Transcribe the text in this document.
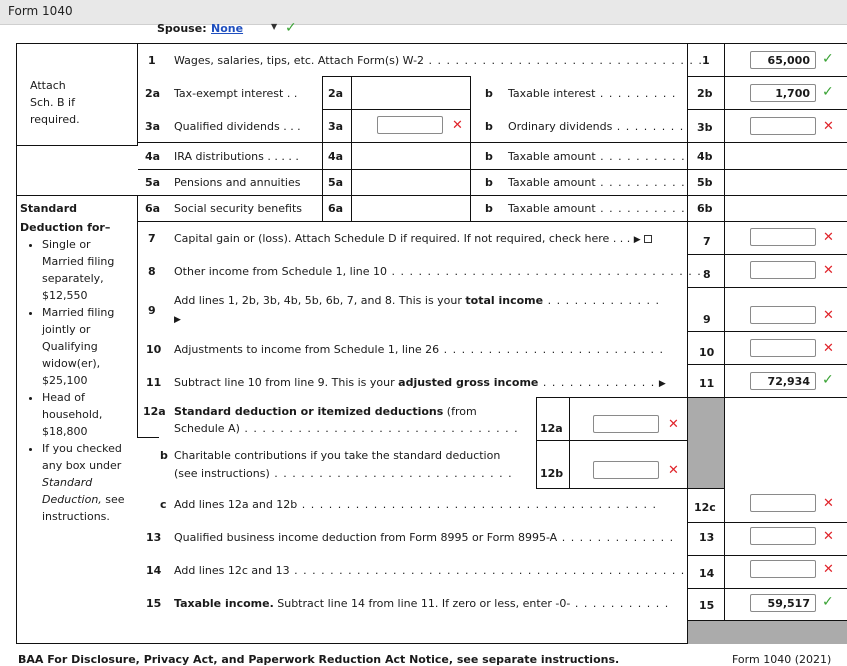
Form 1040
Spouse: None	▼ ✓
Attach
Sch. B if
required.
Standard
Deduction for–
• Single or Married filing separately, $12,550
• Married filing jointly or Qualifying widow(er), $25,100
• Head of household, $18,800
• If you checked any box under Standard Deduction, see instructions.
1 Wages, salaries, tips, etc. Attach Form(s) W-2 . . . . . . . . . . . . . . . . . . . . . . . . . . . . . . . 1	65,000 ✓
2a Tax-exempt interest . .	2a	b Taxable interest . . . . . . . . . 2b	1,700 ✓
3a Qualified dividends . . . 3a	✕ b Ordinary dividends . . . . . . . . 3b	✕
4a IRA distributions . . . . .	4a	b Taxable amount . . . . . . . . . . 4b
5a Pensions and annuities	5a	b Taxable amount . . . . . . . . . . 5b
6a Social security benefits 6a	b Taxable amount . . . . . . . . . . 6b
7 Capital gain or (loss). Attach Schedule D if required. If not required, check here . . . ▶	7	✕
8 Other income from Schedule 1, line 10 . . . . . . . . . . . . . . . . . . . . . . . . . . . . . . . . . . . 8	✕
9
Add lines 1, 2b, 3b, 4b, 5b, 6b, 7, and 8. This is your total income . . . . . . . . . . . . .
▶	9	✕
10 Adjustments to income from Schedule 1, line 26 . . . . . . . . . . . . . . . . . . . . . . . . .	10	✕
11 Subtract line 10 from line 9. This is your adjusted gross income . . . . . . . . . . . . . ▶	11	72,934 ✓
12a Standard deduction or itemized deductions (from
Schedule A) . . . . . . . . . . . . . . . . . . . . . . . . . . . . . . . 12a	✕
b Charitable contributions if you take the standard deduction
(see instructions) . . . . . . . . . . . . . . . . . . . . . . . . . . . 12b	✕
c Add lines 12a and 12b . . . . . . . . . . . . . . . . . . . . . . . . . . . . . . . . . . . . . . . .	12c	✕
13 Qualified business income deduction from Form 8995 or Form 8995-A . . . . . . . . . . . . . 13	✕
14 Add lines 12c and 13 . . . . . . . . . . . . . . . . . . . . . . . . . . . . . . . . . . . . . . . . . . . . 14	✕
15 Taxable income. Subtract line 14 from line 11. If zero or less, enter -0- . . . . . . . . . . .	15	59,517 ✓
BAA For Disclosure, Privacy Act, and Paperwork Reduction Act Notice, see separate instructions.	Form 1040 (2021)
